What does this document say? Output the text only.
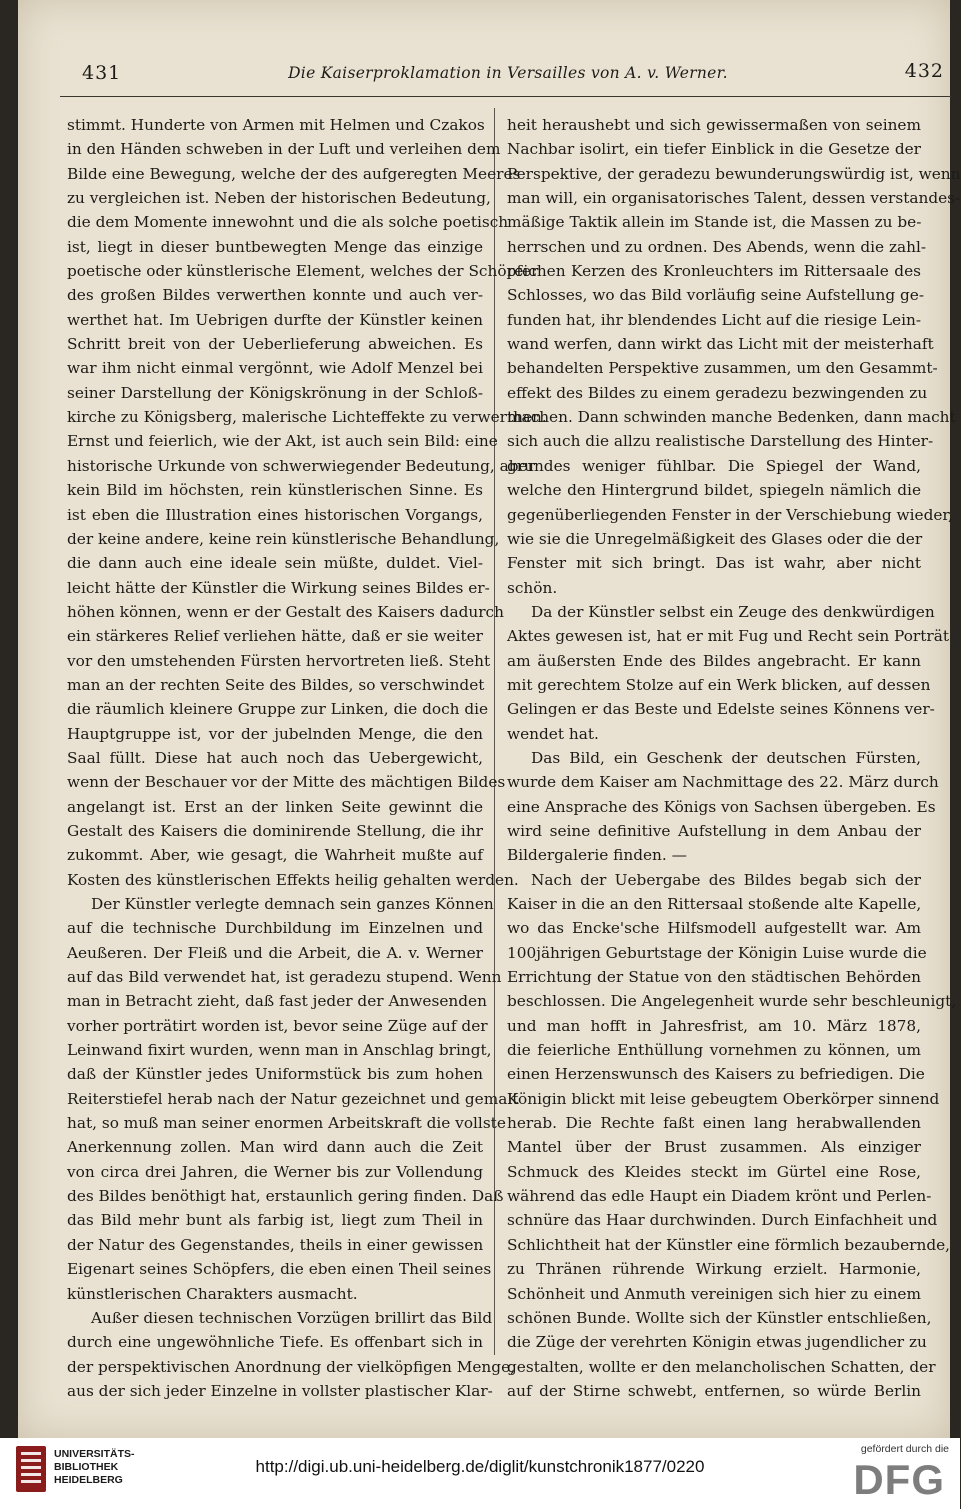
431	Die Kaiserproklamation in Versailles von A. v. Werner.	432
stimmt. Hunderte von Armen mit Helmen und Czakos
in den Händen schweben in der Luft und verleihen dem
Bilde eine Bewegung, welche der des aufgeregten Meeres
zu vergleichen ist. Neben der historischen Bedeutung,
die dem Momente innewohnt und die als solche poetisch
ist, liegt in dieser buntbewegten Menge das einzige
poetische oder künstlerische Element, welches der Schöpfer
des großen Bildes verwerthen konnte und auch ver-
werthet hat. Im Uebrigen durfte der Künstler keinen
Schritt breit von der Ueberlieferung abweichen. Es
war ihm nicht einmal vergönnt, wie Adolf Menzel bei
seiner Darstellung der Königskrönung in der Schloß-
kirche zu Königsberg, malerische Lichteffekte zu verwerthen.
Ernst und feierlich, wie der Akt, ist auch sein Bild: eine
historische Urkunde von schwerwiegender Bedeutung, aber
kein Bild im höchsten, rein künstlerischen Sinne. Es
ist eben die Illustration eines historischen Vorgangs,
der keine andere, keine rein künstlerische Behandlung,
die dann auch eine ideale sein müßte, duldet. Viel-
leicht hätte der Künstler die Wirkung seines Bildes er-
höhen können, wenn er der Gestalt des Kaisers dadurch
ein stärkeres Relief verliehen hätte, daß er sie weiter
vor den umstehenden Fürsten hervortreten ließ. Steht
man an der rechten Seite des Bildes, so verschwindet
die räumlich kleinere Gruppe zur Linken, die doch die
Hauptgruppe ist, vor der jubelnden Menge, die den
Saal füllt. Diese hat auch noch das Uebergewicht,
wenn der Beschauer vor der Mitte des mächtigen Bildes
angelangt ist. Erst an der linken Seite gewinnt die
Gestalt des Kaisers die dominirende Stellung, die ihr
zukommt. Aber, wie gesagt, die Wahrheit mußte auf
Kosten des künstlerischen Effekts heilig gehalten werden.
Der Künstler verlegte demnach sein ganzes Können
auf die technische Durchbildung im Einzelnen und
Aeußeren. Der Fleiß und die Arbeit, die A. v. Werner
auf das Bild verwendet hat, ist geradezu stupend. Wenn
man in Betracht zieht, daß fast jeder der Anwesenden
vorher porträtirt worden ist, bevor seine Züge auf der
Leinwand fixirt wurden, wenn man in Anschlag bringt,
daß der Künstler jedes Uniformstück bis zum hohen
Reiterstiefel herab nach der Natur gezeichnet und gemalt
hat, so muß man seiner enormen Arbeitskraft die vollste
Anerkennung zollen. Man wird dann auch die Zeit
von circa drei Jahren, die Werner bis zur Vollendung
des Bildes benöthigt hat, erstaunlich gering finden. Daß
das Bild mehr bunt als farbig ist, liegt zum Theil in
der Natur des Gegenstandes, theils in einer gewissen
Eigenart seines Schöpfers, die eben einen Theil seines
künstlerischen Charakters ausmacht.
Außer diesen technischen Vorzügen brillirt das Bild
durch eine ungewöhnliche Tiefe. Es offenbart sich in
der perspektivischen Anordnung der vielköpfigen Menge,
aus der sich jeder Einzelne in vollster plastischer Klar-
heit heraushebt und sich gewissermaßen von seinem
Nachbar isolirt, ein tiefer Einblick in die Gesetze der
Perspektive, der geradezu bewunderungswürdig ist, wenn
man will, ein organisatorisches Talent, dessen verstandes-
mäßige Taktik allein im Stande ist, die Massen zu be-
herrschen und zu ordnen. Des Abends, wenn die zahl-
reichen Kerzen des Kronleuchters im Rittersaale des
Schlosses, wo das Bild vorläufig seine Aufstellung ge-
funden hat, ihr blendendes Licht auf die riesige Lein-
wand werfen, dann wirkt das Licht mit der meisterhaft
behandelten Perspektive zusammen, um den Gesammt-
effekt des Bildes zu einem geradezu bezwingenden zu
machen. Dann schwinden manche Bedenken, dann macht
sich auch die allzu realistische Darstellung des Hinter-
grundes weniger fühlbar. Die Spiegel der Wand,
welche den Hintergrund bildet, spiegeln nämlich die
gegenüberliegenden Fenster in der Verschiebung wieder,
wie sie die Unregelmäßigkeit des Glases oder die der
Fenster mit sich bringt. Das ist wahr, aber nicht
schön.
Da der Künstler selbst ein Zeuge des denkwürdigen
Aktes gewesen ist, hat er mit Fug und Recht sein Porträt
am äußersten Ende des Bildes angebracht. Er kann
mit gerechtem Stolze auf ein Werk blicken, auf dessen
Gelingen er das Beste und Edelste seines Könnens ver-
wendet hat.
Das Bild, ein Geschenk der deutschen Fürsten,
wurde dem Kaiser am Nachmittage des 22. März durch
eine Ansprache des Königs von Sachsen übergeben. Es
wird seine definitive Aufstellung in dem Anbau der
Bildergalerie finden. —
Nach der Uebergabe des Bildes begab sich der
Kaiser in die an den Rittersaal stoßende alte Kapelle,
wo das Encke'sche Hilfsmodell aufgestellt war. Am
100jährigen Geburtstage der Königin Luise wurde die
Errichtung der Statue von den städtischen Behörden
beschlossen. Die Angelegenheit wurde sehr beschleunigt,
und man hofft in Jahresfrist, am 10. März 1878,
die feierliche Enthüllung vornehmen zu können, um
einen Herzenswunsch des Kaisers zu befriedigen. Die
Königin blickt mit leise gebeugtem Oberkörper sinnend
herab. Die Rechte faßt einen lang herabwallenden
Mantel über der Brust zusammen. Als einziger
Schmuck des Kleides steckt im Gürtel eine Rose,
während das edle Haupt ein Diadem krönt und Perlen-
schnüre das Haar durchwinden. Durch Einfachheit und
Schlichtheit hat der Künstler eine förmlich bezaubernde,
zu Thränen rührende Wirkung erzielt. Harmonie,
Schönheit und Anmuth vereinigen sich hier zu einem
schönen Bunde. Wollte sich der Künstler entschließen,
die Züge der verehrten Königin etwas jugendlicher zu
gestalten, wollte er den melancholischen Schatten, der
auf der Stirne schwebt, entfernen, so würde Berlin
UNIVERSITÄTS-
BIBLIOTHEK
HEIDELBERG
http://digi.ub.uni-heidelberg.de/diglit/kunstchronik1877/0220
gefördert durch die
DFG
